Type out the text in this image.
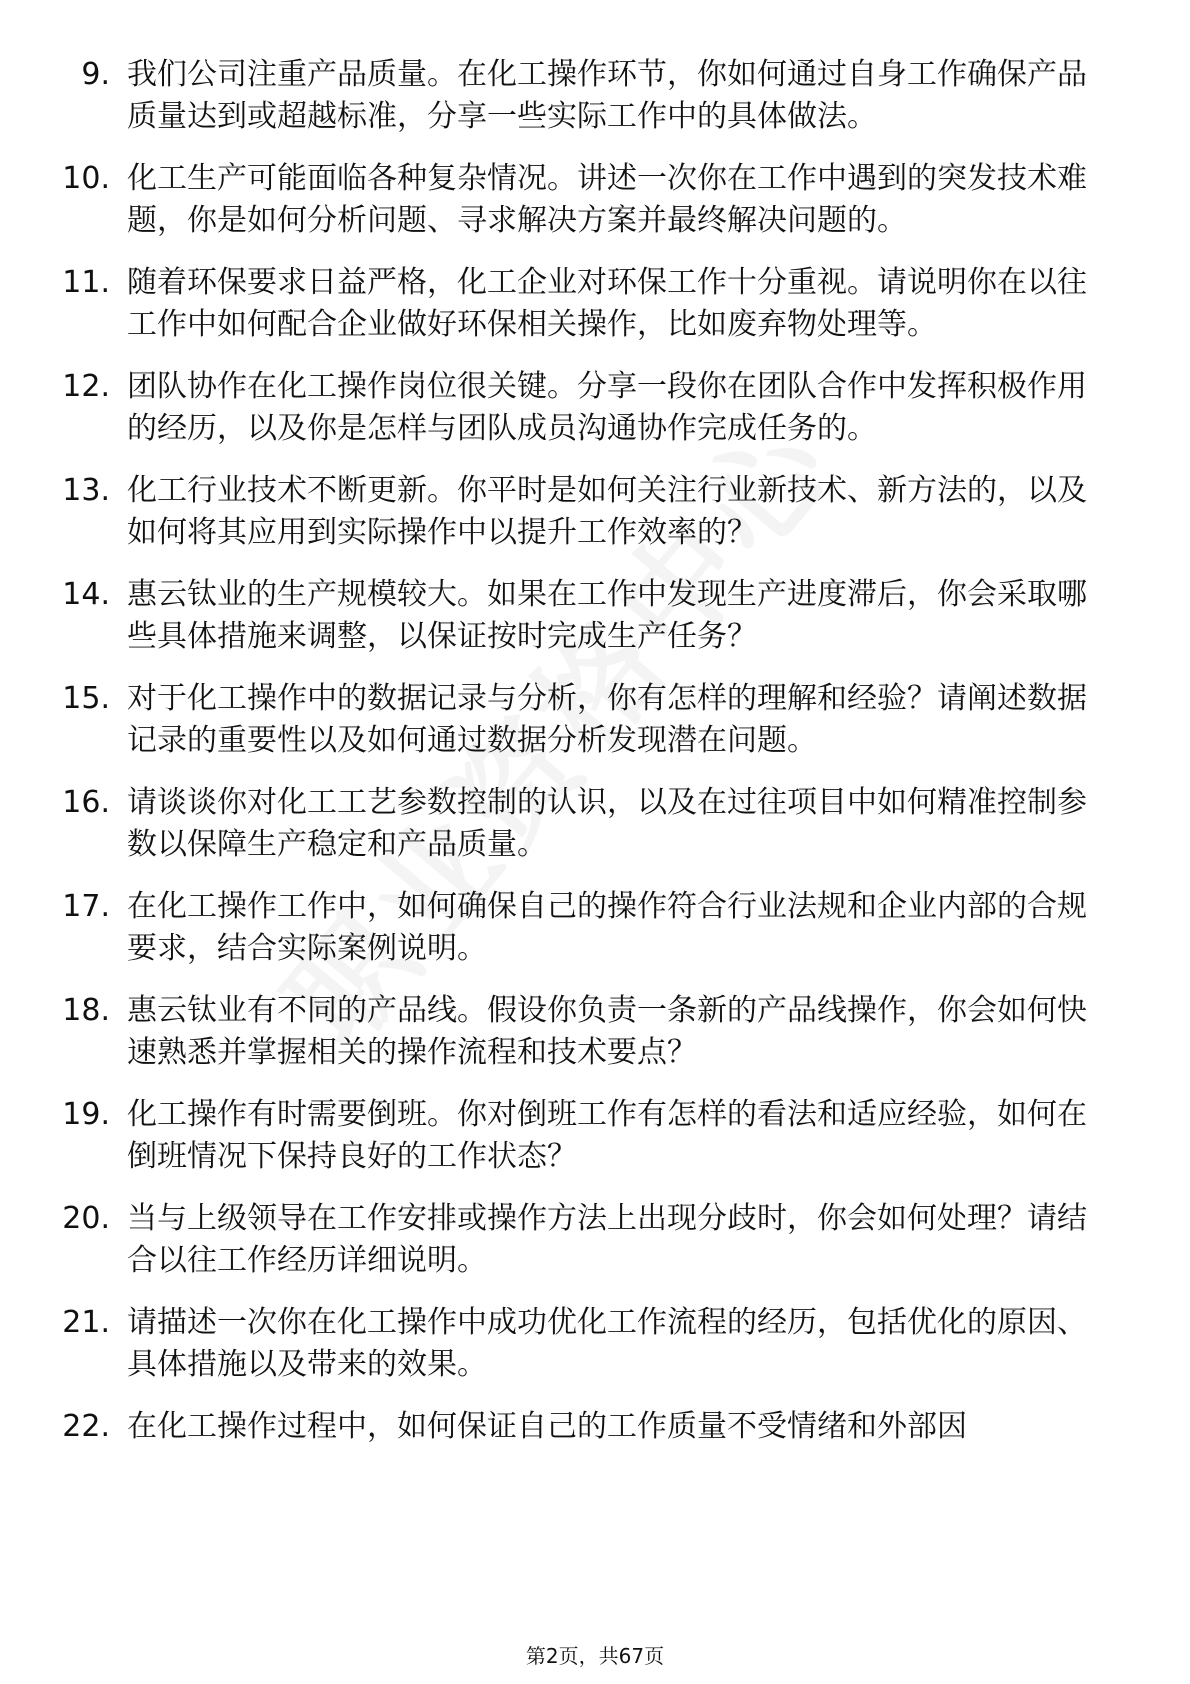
9. 我们公司注重产品质量。在化工操作环节，你如何通过自身工作确保产品质量达到或超越标准，分享一些实际工作中的具体做法。
10. 化工生产可能面临各种复杂情况。讲述一次你在工作中遇到的突发技术难题，你是如何分析问题、寻求解决方案并最终解决问题的。
11. 随着环保要求日益严格，化工企业对环保工作十分重视。请说明你在以往工作中如何配合企业做好环保相关操作，比如废弃物处理等。
12. 团队协作在化工操作岗位很关键。分享一段你在团队合作中发挥积极作用的经历，以及你是怎样与团队成员沟通协作完成任务的。
13. 化工行业技术不断更新。你平时是如何关注行业新技术、新方法的，以及如何将其应用到实际操作中以提升工作效率的？
14. 惠云钛业的生产规模较大。如果在工作中发现生产进度滞后，你会采取哪些具体措施来调整，以保证按时完成生产任务？
15. 对于化工操作中的数据记录与分析，你有怎样的理解和经验？请阐述数据记录的重要性以及如何通过数据分析发现潜在问题。
16. 请谈谈你对化工工艺参数控制的认识，以及在过往项目中如何精准控制参数以保障生产稳定和产品质量。
17. 在化工操作工作中，如何确保自己的操作符合行业法规和企业内部的合规要求，结合实际案例说明。
18. 惠云钛业有不同的产品线。假设你负责一条新的产品线操作，你会如何快速熟悉并掌握相关的操作流程和技术要点？
19. 化工操作有时需要倒班。你对倒班工作有怎样的看法和适应经验，如何在倒班情况下保持良好的工作状态？
20. 当与上级领导在工作安排或操作方法上出现分歧时，你会如何处理？请结合以往工作经历详细说明。
21. 请描述一次你在化工操作中成功优化工作流程的经历，包括优化的原因、具体措施以及带来的效果。
22. 在化工操作过程中，如何保证自己的工作质量不受情绪和外部因
第2页，共67页
